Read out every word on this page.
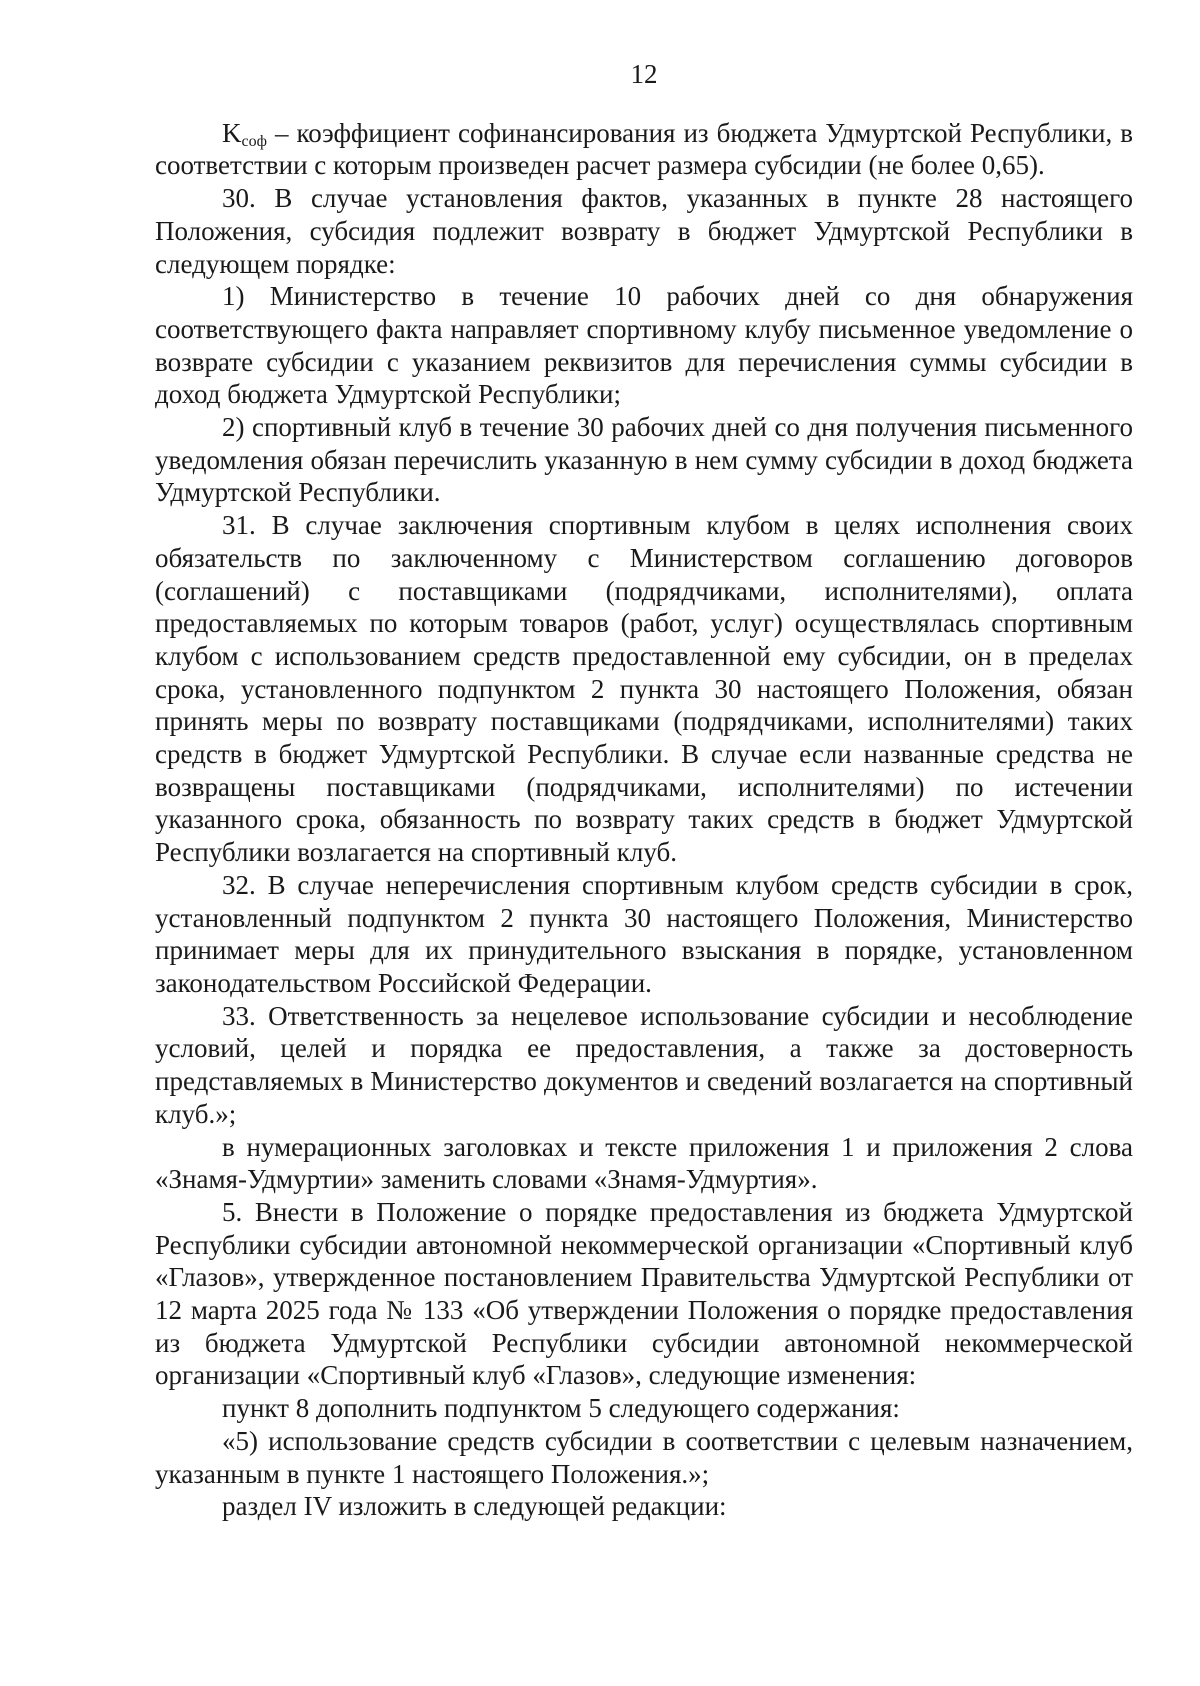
12

$K_{соф}$ – коэффициент софинансирования из бюджета Удмуртской Республики, в соответствии с которым произведен расчет размера субсидии (не более 0,65).

30. В случае установления фактов, указанных в пункте 28 настоящего Положения, субсидия подлежит возврату в бюджет Удмуртской Республики в следующем порядке:

1) Министерство в течение 10 рабочих дней со дня обнаружения соответствующего факта направляет спортивному клубу письменное уведомление о возврате субсидии с указанием реквизитов для перечисления суммы субсидии в доход бюджета Удмуртской Республики;

2) спортивный клуб в течение 30 рабочих дней со дня получения письменного уведомления обязан перечислить указанную в нем сумму субсидии в доход бюджета Удмуртской Республики.

31. В случае заключения спортивным клубом в целях исполнения своих обязательств по заключенному с Министерством соглашению договоров (соглашений) с поставщиками (подрядчиками, исполнителями), оплата предоставляемых по которым товаров (работ, услуг) осуществлялась спортивным клубом с использованием средств предоставленной ему субсидии, он в пределах срока, установленного подпунктом 2 пункта 30 настоящего Положения, обязан принять меры по возврату поставщиками (подрядчиками, исполнителями) таких средств в бюджет Удмуртской Республики. В случае если названные средства не возвращены поставщиками (подрядчиками, исполнителями) по истечении указанного срока, обязанность по возврату таких средств в бюджет Удмуртской Республики возлагается на спортивный клуб.

32. В случае неперечисления спортивным клубом средств субсидии в срок, установленный подпунктом 2 пункта 30 настоящего Положения, Министерство принимает меры для их принудительного взыскания в порядке, установленном законодательством Российской Федерации.

33. Ответственность за нецелевое использование субсидии и несоблюдение условий, целей и порядка ее предоставления, а также за достоверность представляемых в Министерство документов и сведений возлагается на спортивный клуб.»;

в нумерационных заголовках и тексте приложения 1 и приложения 2 слова «Знамя-Удмуртии» заменить словами «Знамя-Удмуртия».

5. Внести в Положение о порядке предоставления из бюджета Удмуртской Республики субсидии автономной некоммерческой организации «Спортивный клуб «Глазов», утвержденное постановлением Правительства Удмуртской Республики от 12 марта 2025 года № 133 «Об утверждении Положения о порядке предоставления из бюджета Удмуртской Республики субсидии автономной некоммерческой организации «Спортивный клуб «Глазов», следующие изменения:

пункт 8 дополнить подпунктом 5 следующего содержания:

«5) использование средств субсидии в соответствии с целевым назначением, указанным в пункте 1 настоящего Положения.»;

раздел IV изложить в следующей редакции:
